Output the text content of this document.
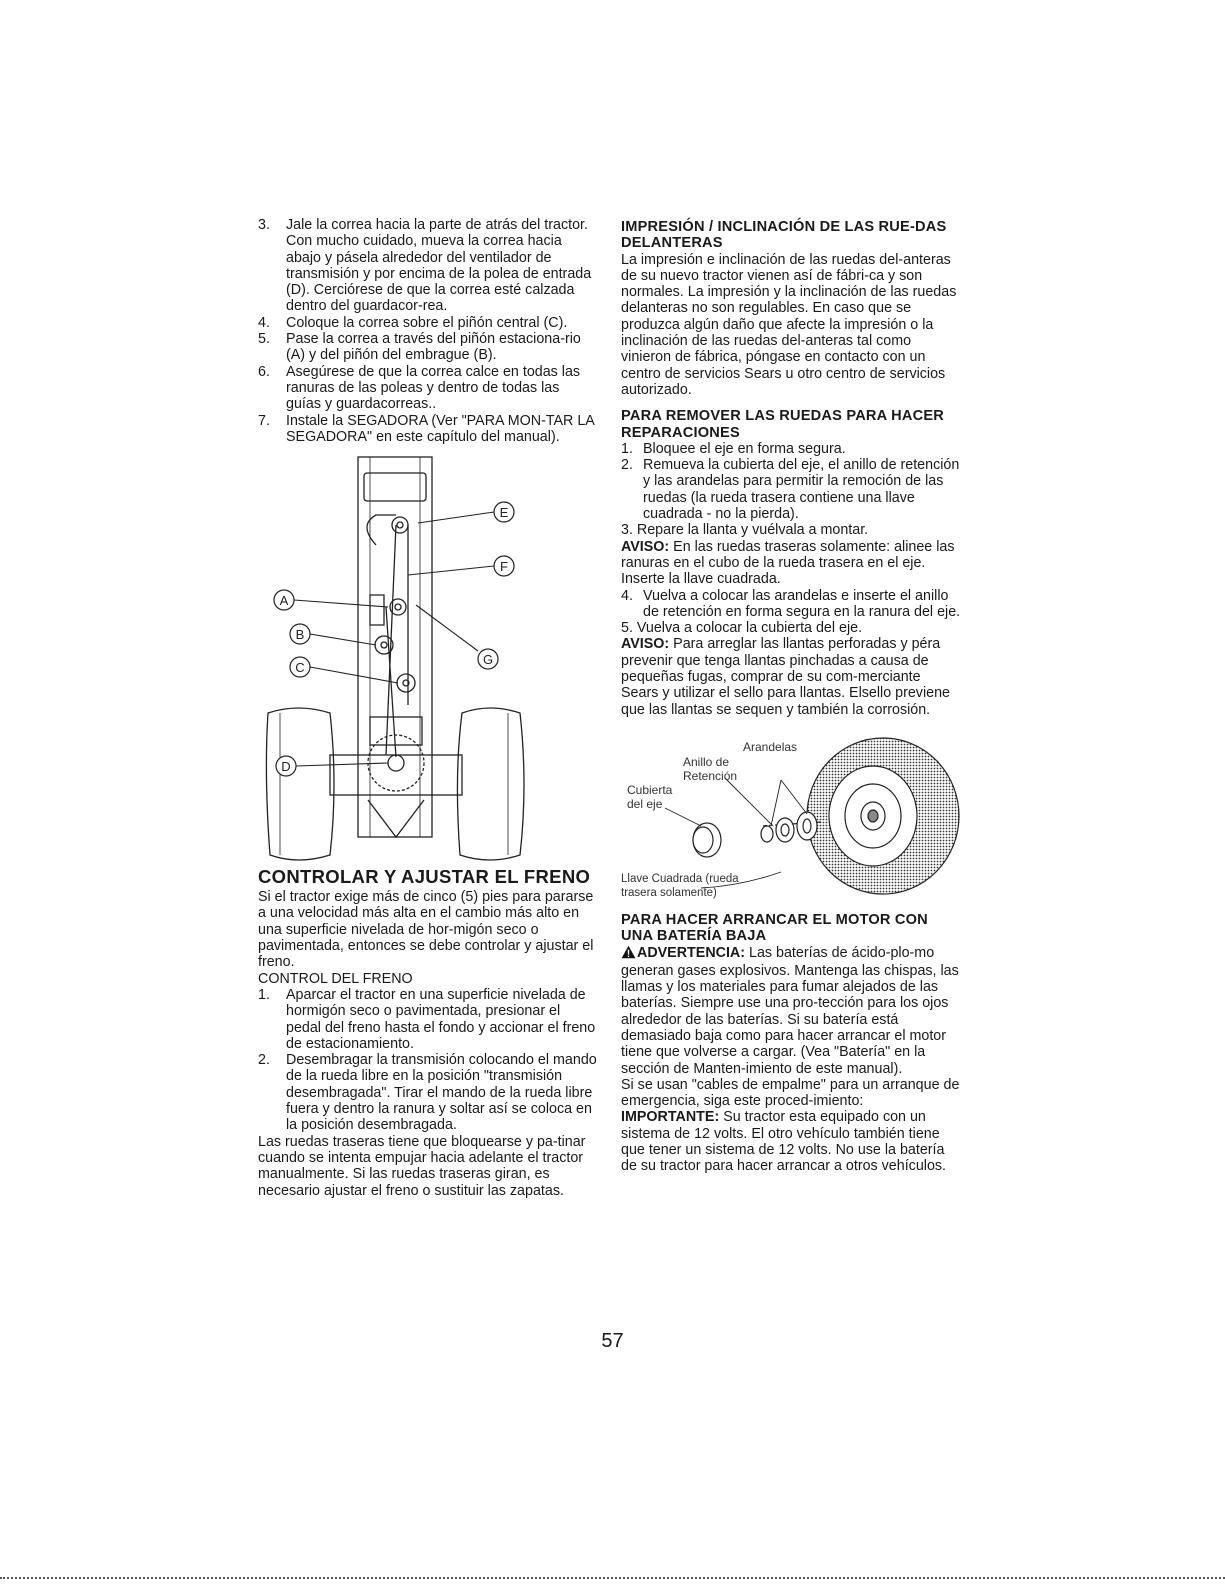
3. Jale la correa hacia la parte de atrás del tractor. Con mucho cuidado, mueva la correa hacia abajo y pásela alrededor del ventilador de transmisión y por encima de la polea de entrada (D). Cerciórese de que la correa esté calzada dentro del guardacor-rea.
4. Coloque la correa sobre el piñón central (C).
5. Pase la correa a través del piñón estaciona-rio (A) y del piñón del embrague (B).
6. Asegúrese de que la correa calce en todas las ranuras de las poleas y dentro de todas las guías y guardacorreas..
7. Instale la SEGADORA (Ver "PARA MON-TAR LA SEGADORA" en este capítulo del manual).
E
F
A
B
C
G
D
CONTROLAR Y AJUSTAR EL FRENO

Si el tractor exige más de cinco (5) pies para pararse a una velocidad más alta en el cambio más alto en una superficie nivelada de hor-migón seco o pavimentada, entonces se debe controlar y ajustar el freno.

CONTROL DEL FRENO

1. Aparcar el tractor en una superficie nivelada de hormigón seco o pavimentada, presionar el pedal del freno hasta el fondo y accionar el freno de estacionamiento.
2. Desembragar la transmisión colocando el mando de la rueda libre en la posición "transmisión desembragada". Tirar el mando de la rueda libre fuera y dentro la ranura y soltar así se coloca en la posición desembragada.

Las ruedas traseras tiene que bloquearse y pa-tinar cuando se intenta empujar hacia adelante el tractor manualmente. Si las ruedas traseras giran, es necesario ajustar el freno o sustituir las zapatas.

IMPRESIÓN / INCLINACIÓN DE LAS RUE-DAS DELANTERAS

La impresión e inclinación de las ruedas del-anteras de su nuevo tractor vienen así de fábri-ca y son normales. La impresión y la inclinación de las ruedas delanteras no son regulables. En caso que se produzca algún daño que afecte la impresión o la inclinación de las ruedas del-anteras tal como vinieron de fábrica, póngase en contacto con un centro de servicios Sears u otro centro de servicios autorizado.

PARA REMOVER LAS RUEDAS PARA HACER REPARACIONES
1. Bloquee el eje en forma segura.
2. Remueva la cubierta del eje, el anillo de retención y las arandelas para permitir la remoción de las ruedas (la rueda trasera contiene una llave cuadrada - no la pierda).

3. Repare la llanta y vuélvala a montar.

AVISO: En las ruedas traseras solamente: alinee las ranuras en el cubo de la rueda trasera en el eje. Inserte la llave cuadrada.

4. Vuelva a colocar las arandelas e inserte el anillo de retención en forma segura en la ranura del eje.

5. Vuelva a colocar la cubierta del eje.

AVISO: Para arreglar las llantas perforadas y péra prevenir que tenga llantas pinchadas a causa de pequeñas fugas, comprar de su com-merciante Sears y utilizar el sello para llantas. Elsello previene que las llantas se sequen y también la corrosión.

Arandelas
Anillo de
Retención
Cubierta
del eje
Llave Cuadrada (rueda
trasera solamente)
PARA HACER ARRANCAR EL MOTOR CON UNA BATERÍA BAJA

ADVERTENCIA: Las baterías de ácido-plo-mo generan gases explosivos. Mantenga las chispas, las llamas y los materiales para fumar alejados de las baterías. Siempre use una pro-tección para los ojos alrededor de las baterías. Si su batería está demasiado baja como para hacer arrancar el motor tiene que volverse a cargar. (Vea "Batería" en la sección de Manten-imiento de este manual).

Si se usan "cables de empalme" para un arranque de emergencia, siga este proced-imiento:

IMPORTANTE: Su tractor esta equipado con un sistema de 12 volts. El otro vehículo también tiene que tener un sistema de 12 volts. No use la batería de su tractor para hacer arrancar a otros vehículos.

57
